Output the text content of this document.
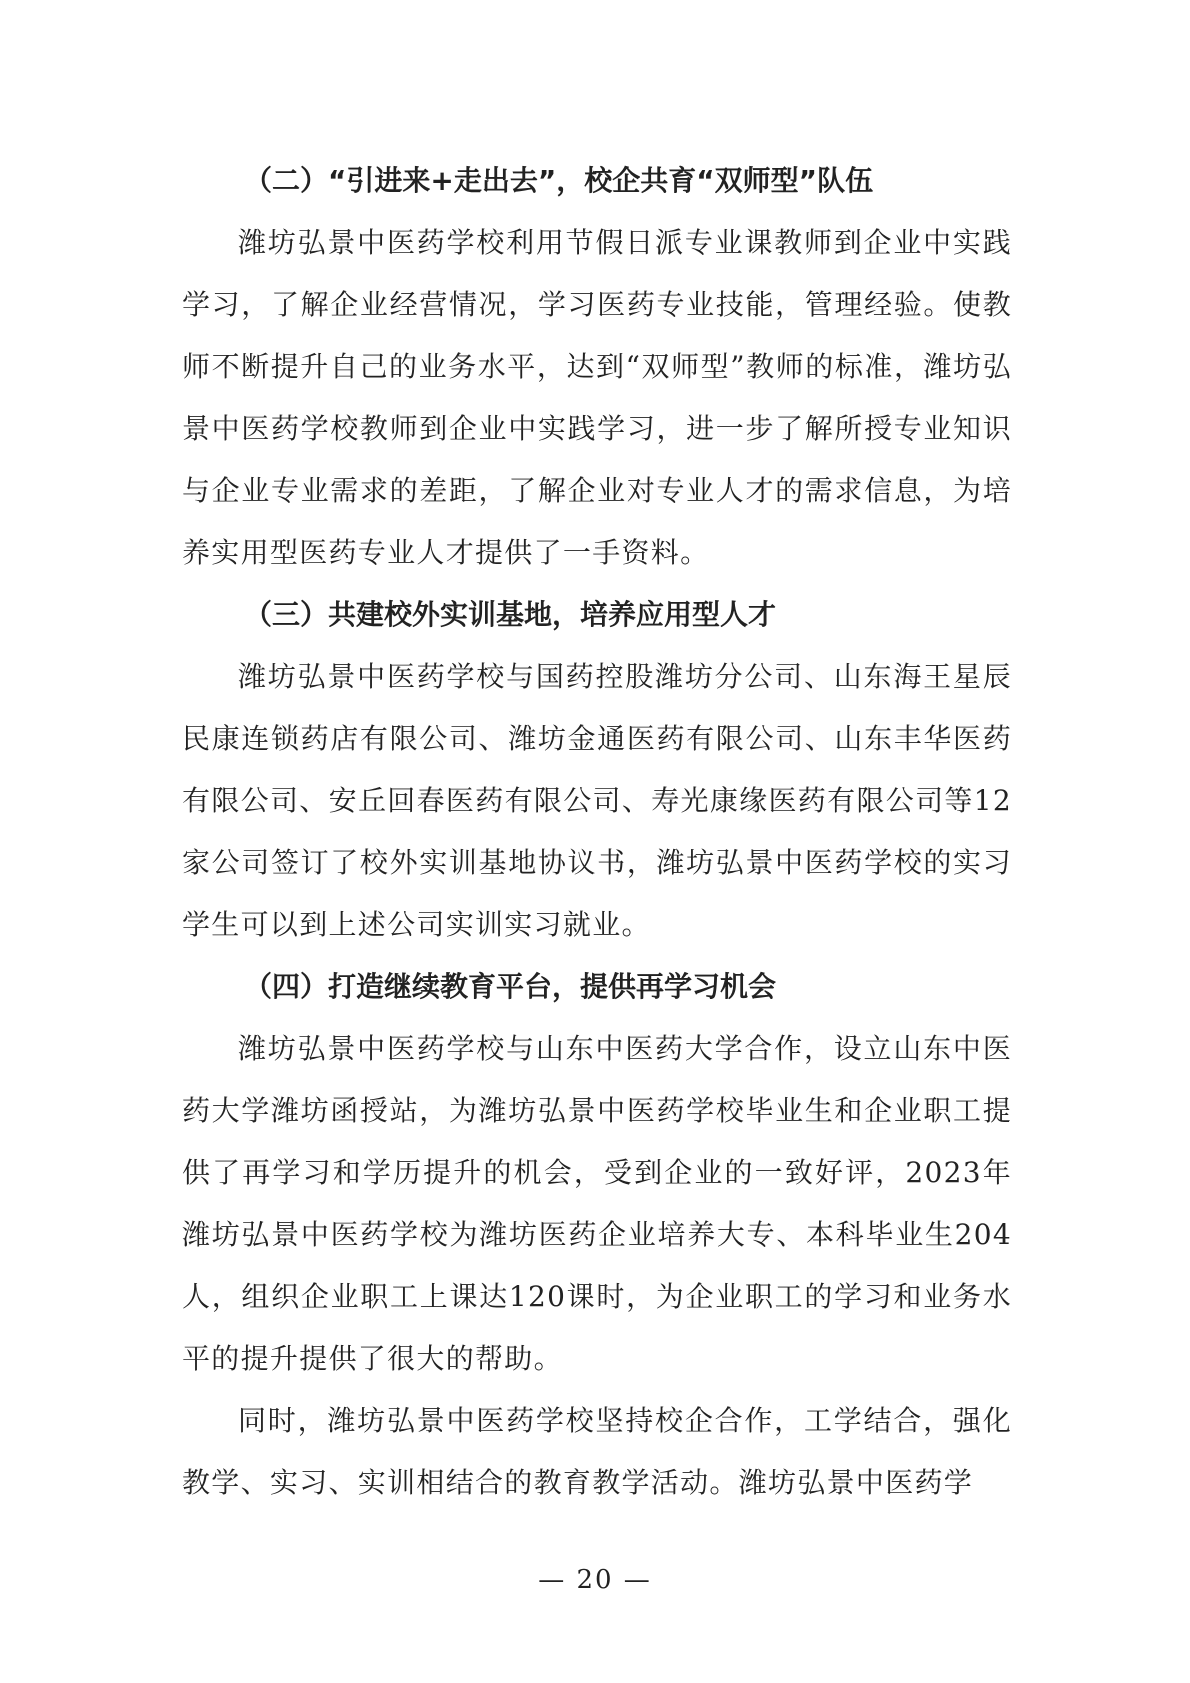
（二）“引进来+走出去”，校企共育“双师型”队伍

潍坊弘景中医药学校利用节假日派专业课教师到企业中实践学习，了解企业经营情况，学习医药专业技能，管理经验。使教师不断提升自己的业务水平，达到“双师型”教师的标准，潍坊弘景中医药学校教师到企业中实践学习，进一步了解所授专业知识与企业专业需求的差距，了解企业对专业人才的需求信息，为培养实用型医药专业人才提供了一手资料。

（三）共建校外实训基地，培养应用型人才

潍坊弘景中医药学校与国药控股潍坊分公司、山东海王星辰民康连锁药店有限公司、潍坊金通医药有限公司、山东丰华医药有限公司、安丘回春医药有限公司、寿光康缘医药有限公司等12家公司签订了校外实训基地协议书，潍坊弘景中医药学校的实习学生可以到上述公司实训实习就业。

（四）打造继续教育平台，提供再学习机会

潍坊弘景中医药学校与山东中医药大学合作，设立山东中医药大学潍坊函授站，为潍坊弘景中医药学校毕业生和企业职工提供了再学习和学历提升的机会，受到企业的一致好评，2023年潍坊弘景中医药学校为潍坊医药企业培养大专、本科毕业生204人，组织企业职工上课达120课时，为企业职工的学习和业务水平的提升提供了很大的帮助。

同时，潍坊弘景中医药学校坚持校企合作，工学结合，强化教学、实习、实训相结合的教育教学活动。潍坊弘景中医药学

— 20 —
